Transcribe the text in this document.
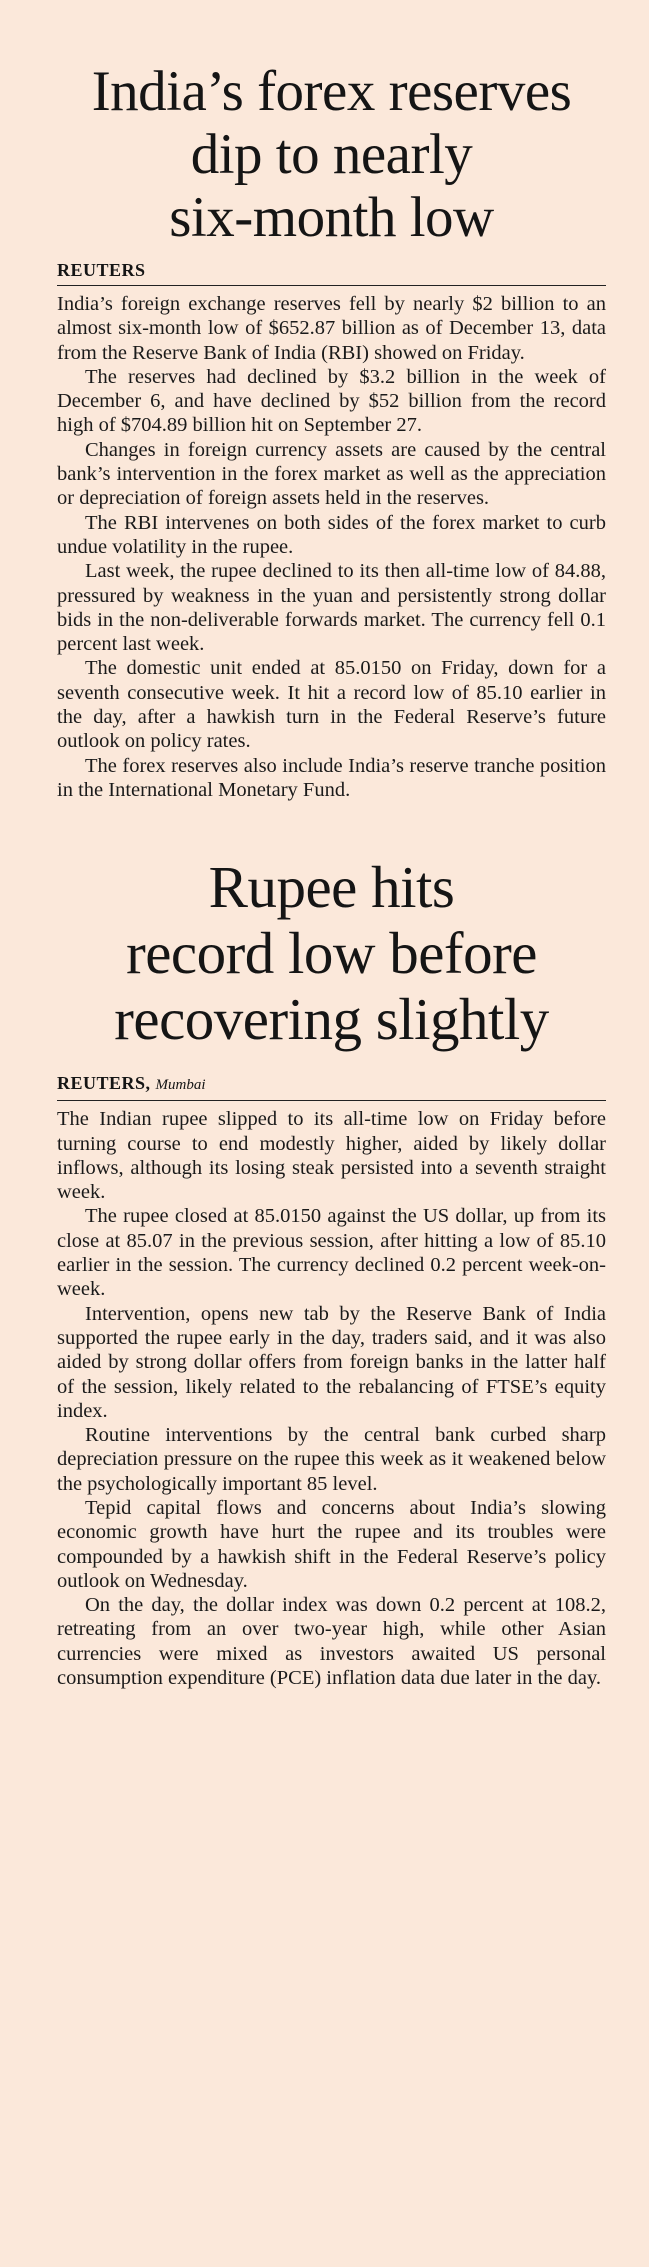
India’s forex reserves
dip to nearly
six-month low
REUTERS

India’s foreign exchange reserves fell by nearly $2 billion to an almost six-month low of $652.87 billion as of December 13, data from the Reserve Bank of India (RBI) showed on Friday.

The reserves had declined by $3.2 billion in the week of December 6, and have declined by $52 billion from the record high of $704.89 billion hit on September 27.

Changes in foreign currency assets are caused by the central bank’s intervention in the forex market as well as the appreciation or depreciation of foreign assets held in the reserves.

The RBI intervenes on both sides of the forex market to curb undue volatility in the rupee.

Last week, the rupee declined to its then all-time low of 84.88, pressured by weakness in the yuan and persistently strong dollar bids in the non-deliverable forwards market. The currency fell 0.1 percent last week.

The domestic unit ended at 85.0150 on Friday, down for a seventh consecutive week. It hit a record low of 85.10 earlier in the day, after a hawkish turn in the Federal Reserve’s future outlook on policy rates.

The forex reserves also include India’s reserve tranche position in the International Monetary Fund.

Rupee hits
record low before
recovering slightly
REUTERS, Mumbai

The Indian rupee slipped to its all-time low on Friday before turning course to end modestly higher, aided by likely dollar inflows, although its losing steak persisted into a seventh straight week.

The rupee closed at 85.0150 against the US dollar, up from its close at 85.07 in the previous session, after hitting a low of 85.10 earlier in the session. The currency declined 0.2 percent week-on-week.

Intervention, opens new tab by the Reserve Bank of India supported the rupee early in the day, traders said, and it was also aided by strong dollar offers from foreign banks in the latter half of the session, likely related to the rebalancing of FTSE’s equity index.

Routine interventions by the central bank curbed sharp depreciation pressure on the rupee this week as it weakened below the psychologically important 85 level.

Tepid capital flows and concerns about India’s slowing economic growth have hurt the rupee and its troubles were compounded by a hawkish shift in the Federal Reserve’s policy outlook on Wednesday.

On the day, the dollar index was down 0.2 percent at 108.2, retreating from an over two-year high, while other Asian currencies were mixed as investors awaited US personal consumption expenditure (PCE) inflation data due later in the day.
